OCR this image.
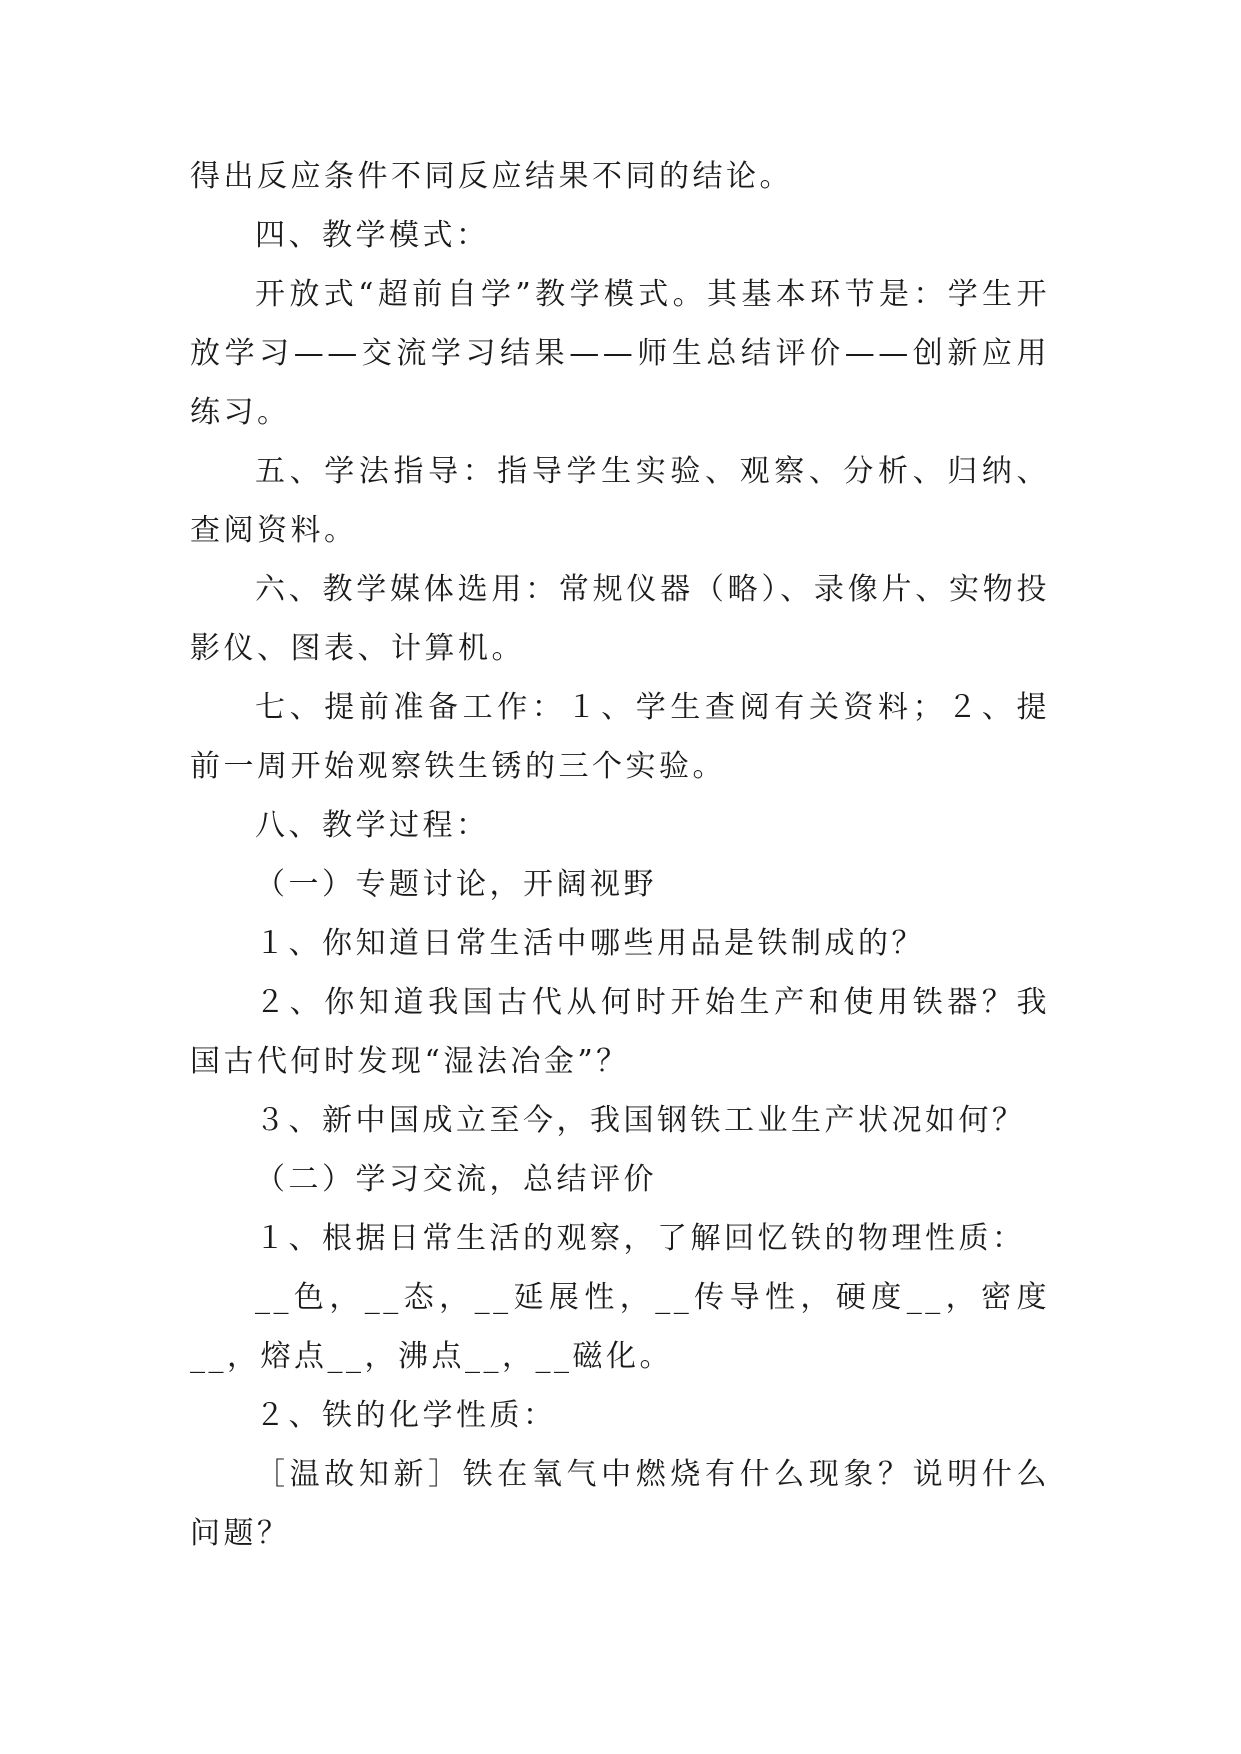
得出反应条件不同反应结果不同的结论。

四、教学模式：

开放式“超前自学”教学模式。其基本环节是：学生开放学习——交流学习结果——师生总结评价——创新应用练习。

五、学法指导：指导学生实验、观察、分析、归纳、查阅资料。

六、教学媒体选用：常规仪器（略）、录像片、实物投影仪、图表、计算机。

七、提前准备工作：１、学生查阅有关资料；２、提前一周开始观察铁生锈的三个实验。

八、教学过程：

（一）专题讨论，开阔视野

１、你知道日常生活中哪些用品是铁制成的？

２、你知道我国古代从何时开始生产和使用铁器？我国古代何时发现“湿法冶金”？

３、新中国成立至今，我国钢铁工业生产状况如何？

（二）学习交流，总结评价

１、根据日常生活的观察，了解回忆铁的物理性质：

__色，__态，__延展性，__传导性，硬度__，密度__，熔点__，沸点__，__磁化。

２、铁的化学性质：

［温故知新］铁在氧气中燃烧有什么现象？说明什么问题？
